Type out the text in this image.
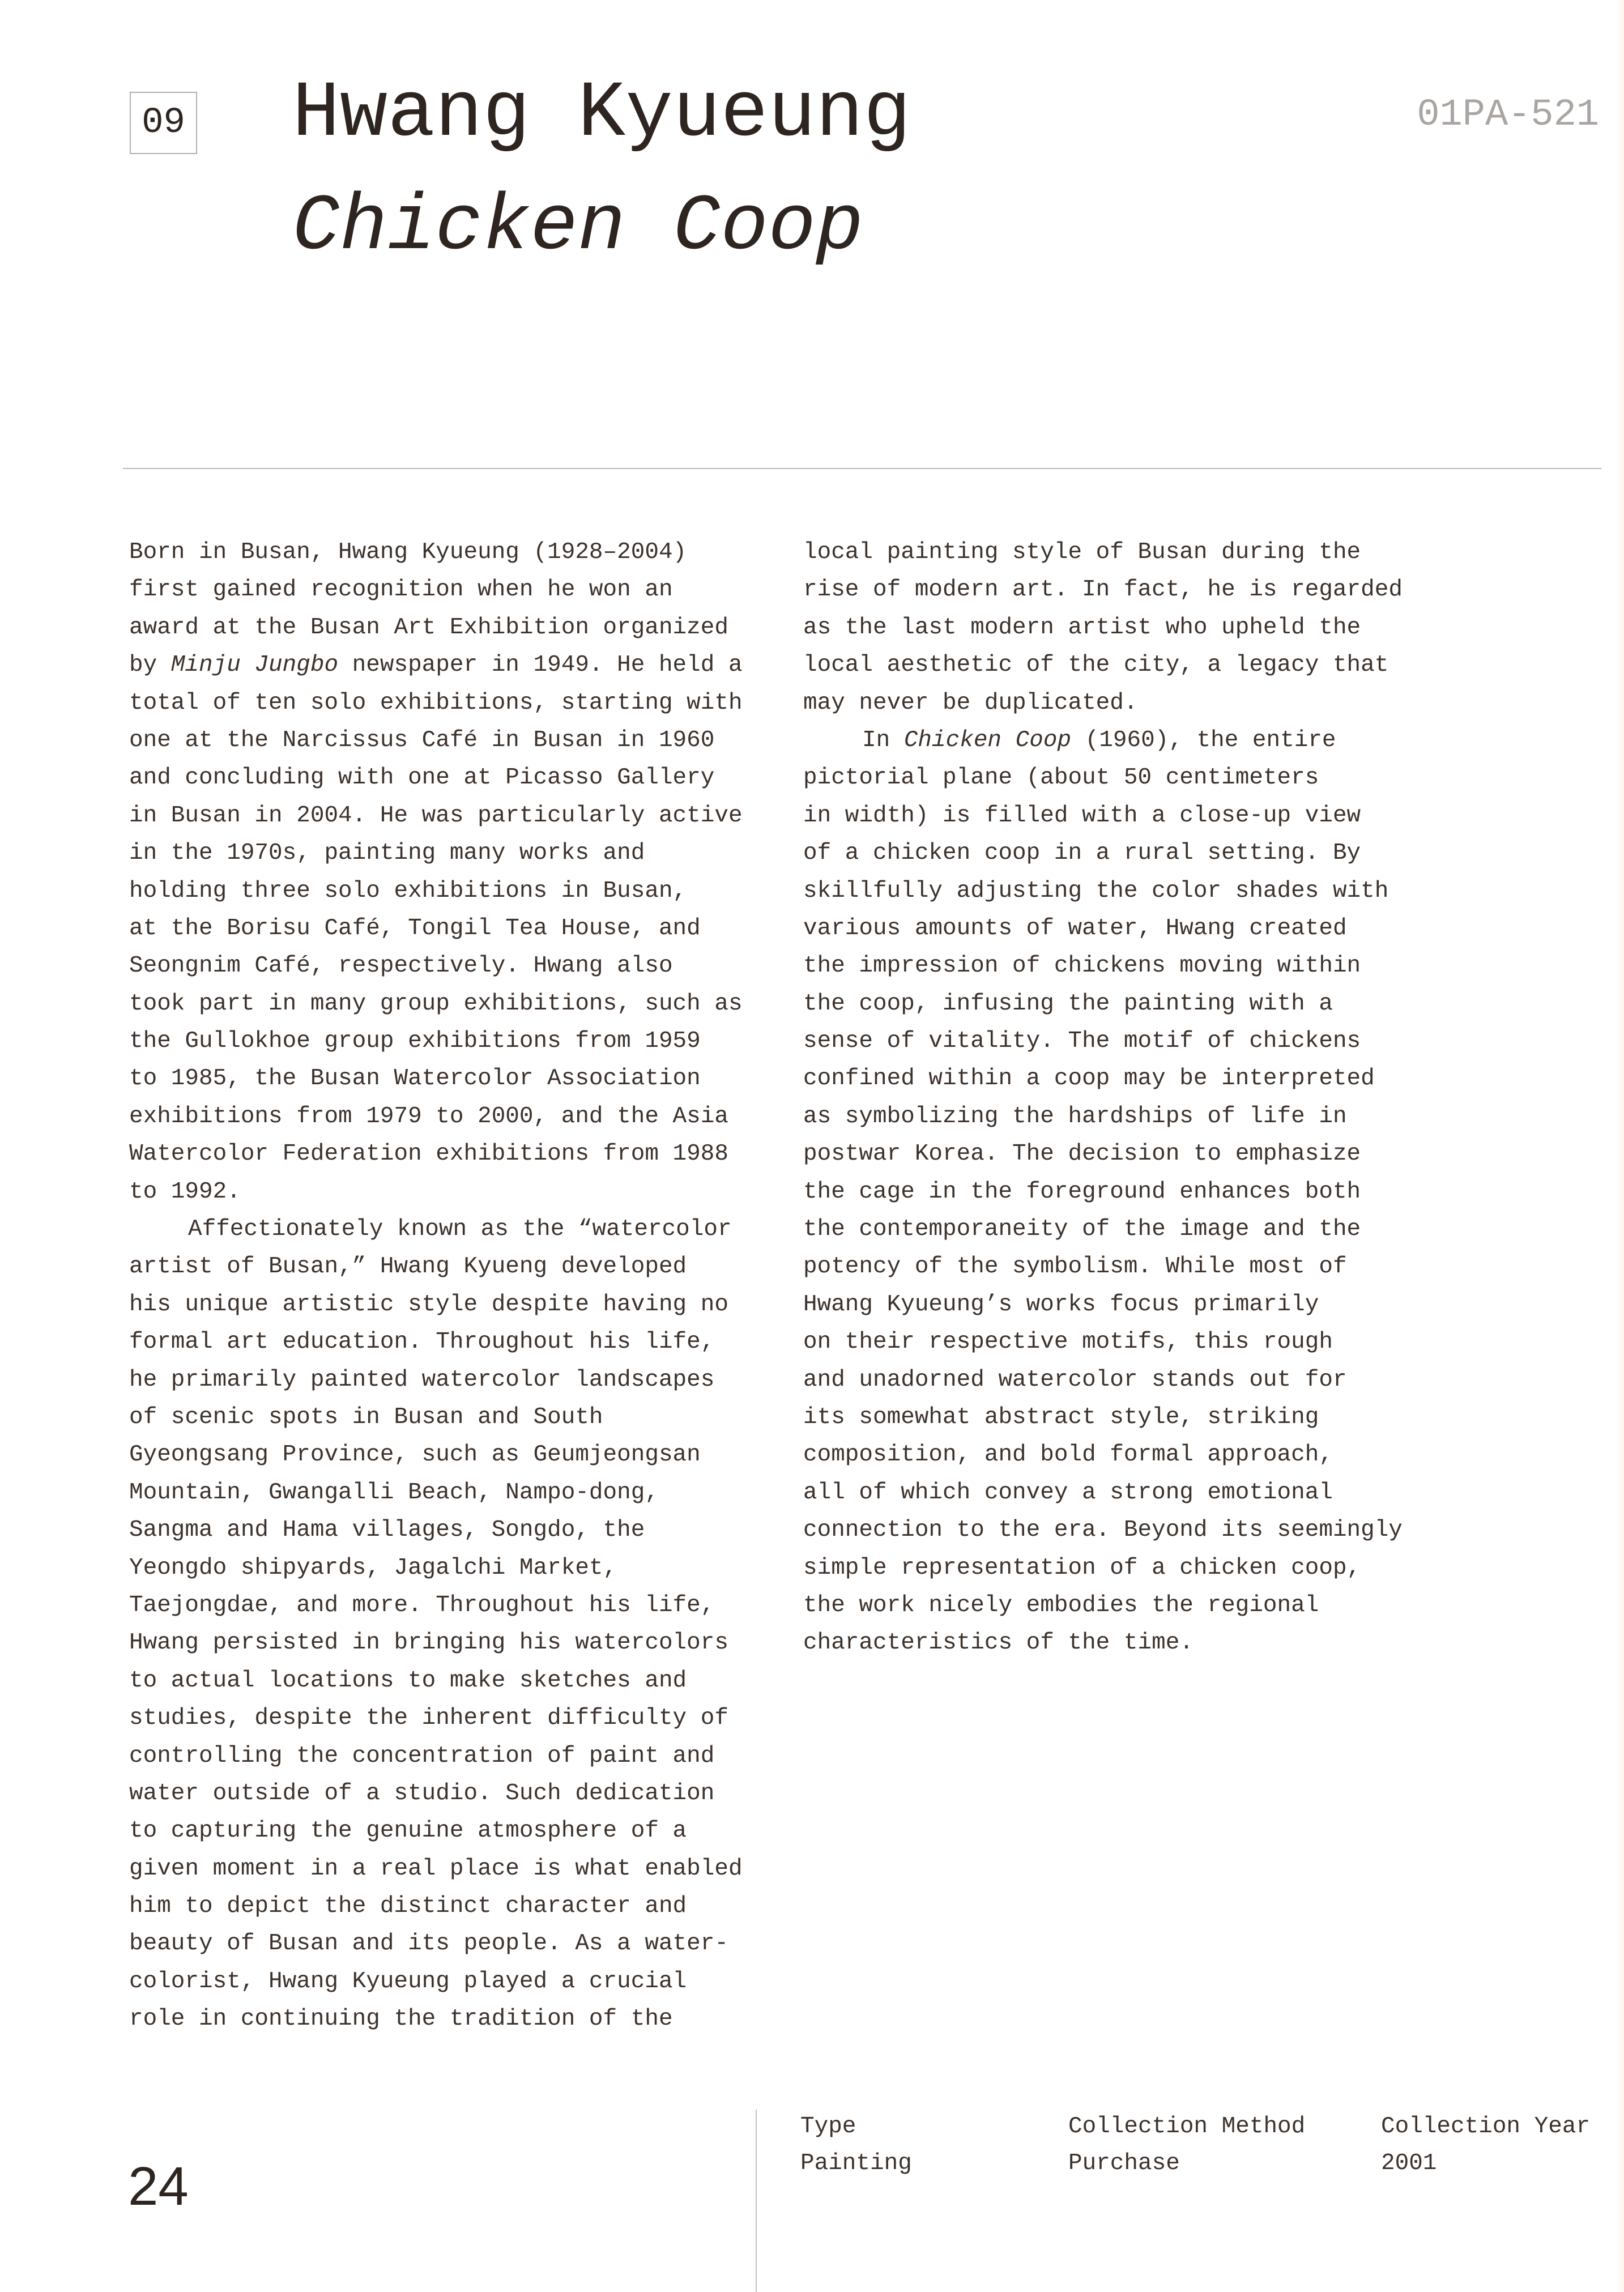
09 Hwang Kyueung
Chicken Coop
01PA-521
Born in Busan, Hwang Kyueung (1928–2004)
first gained recognition when he won an
award at the Busan Art Exhibition organized
by Minju Jungbo newspaper in 1949. He held a
total of ten solo exhibitions, starting with
one at the Narcissus Café in Busan in 1960
and concluding with one at Picasso Gallery
in Busan in 2004. He was particularly active
in the 1970s, painting many works and
holding three solo exhibitions in Busan,
at the Borisu Café, Tongil Tea House, and
Seongnim Café, respectively. Hwang also
took part in many group exhibitions, such as
the Gullokhoe group exhibitions from 1959
to 1985, the Busan Watercolor Association
exhibitions from 1979 to 2000, and the Asia
Watercolor Federation exhibitions from 1988
to 1992.
Affectionately known as the “watercolor
artist of Busan,” Hwang Kyueng developed
his unique artistic style despite having no
formal art education. Throughout his life,
he primarily painted watercolor landscapes
of scenic spots in Busan and South
Gyeongsang Province, such as Geumjeongsan
Mountain, Gwangalli Beach, Nampo-dong,
Sangma and Hama villages, Songdo, the
Yeongdo shipyards, Jagalchi Market,
Taejongdae, and more. Throughout his life,
Hwang persisted in bringing his watercolors
to actual locations to make sketches and
studies, despite the inherent difficulty of
controlling the concentration of paint and
water outside of a studio. Such dedication
to capturing the genuine atmosphere of a
given moment in a real place is what enabled
him to depict the distinct character and
beauty of Busan and its people. As a water-
colorist, Hwang Kyueung played a crucial
role in continuing the tradition of the
local painting style of Busan during the
rise of modern art. In fact, he is regarded
as the last modern artist who upheld the
local aesthetic of the city, a legacy that
may never be duplicated.
In Chicken Coop (1960), the entire
pictorial plane (about 50 centimeters
in width) is filled with a close-up view
of a chicken coop in a rural setting. By
skillfully adjusting the color shades with
various amounts of water, Hwang created
the impression of chickens moving within
the coop, infusing the painting with a
sense of vitality. The motif of chickens
confined within a coop may be interpreted
as symbolizing the hardships of life in
postwar Korea. The decision to emphasize
the cage in the foreground enhances both
the contemporaneity of the image and the
potency of the symbolism. While most of
Hwang Kyueung’s works focus primarily
on their respective motifs, this rough
and unadorned watercolor stands out for
its somewhat abstract style, striking
composition, and bold formal approach,
all of which convey a strong emotional
connection to the era. Beyond its seemingly
simple representation of a chicken coop,
the work nicely embodies the regional
characteristics of the time.
24
Type
Painting
Collection Method
Purchase
Collection Year
2001
